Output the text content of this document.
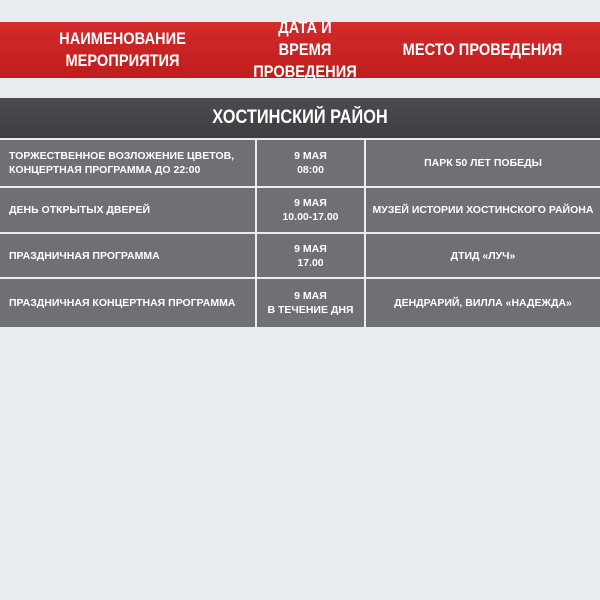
НАИМЕНОВАНИЕ
МЕРОПРИЯТИЯ
ДАТА И ВРЕМЯ
ПРОВЕДЕНИЯ
МЕСТО ПРОВЕДЕНИЯ
ХОСТИНСКИЙ РАЙОН
ТОРЖЕСТВЕННОЕ ВОЗЛОЖЕНИЕ ЦВЕТОВ,
КОНЦЕРТНАЯ ПРОГРАММА ДО 22:00
9 МАЯ
08:00
ПАРК 50 ЛЕТ ПОБЕДЫ
ДЕНЬ ОТКРЫТЫХ ДВЕРЕЙ
9 МАЯ
10.00-17.00
МУЗЕЙ ИСТОРИИ ХОСТИНСКОГО РАЙОНА
ПРАЗДНИЧНАЯ ПРОГРАММА
9 МАЯ
17.00
ДТИД «ЛУЧ»
ПРАЗДНИЧНАЯ КОНЦЕРТНАЯ ПРОГРАММА
9 МАЯ
В ТЕЧЕНИЕ ДНЯ
ДЕНДРАРИЙ, ВИЛЛА «НАДЕЖДА»
